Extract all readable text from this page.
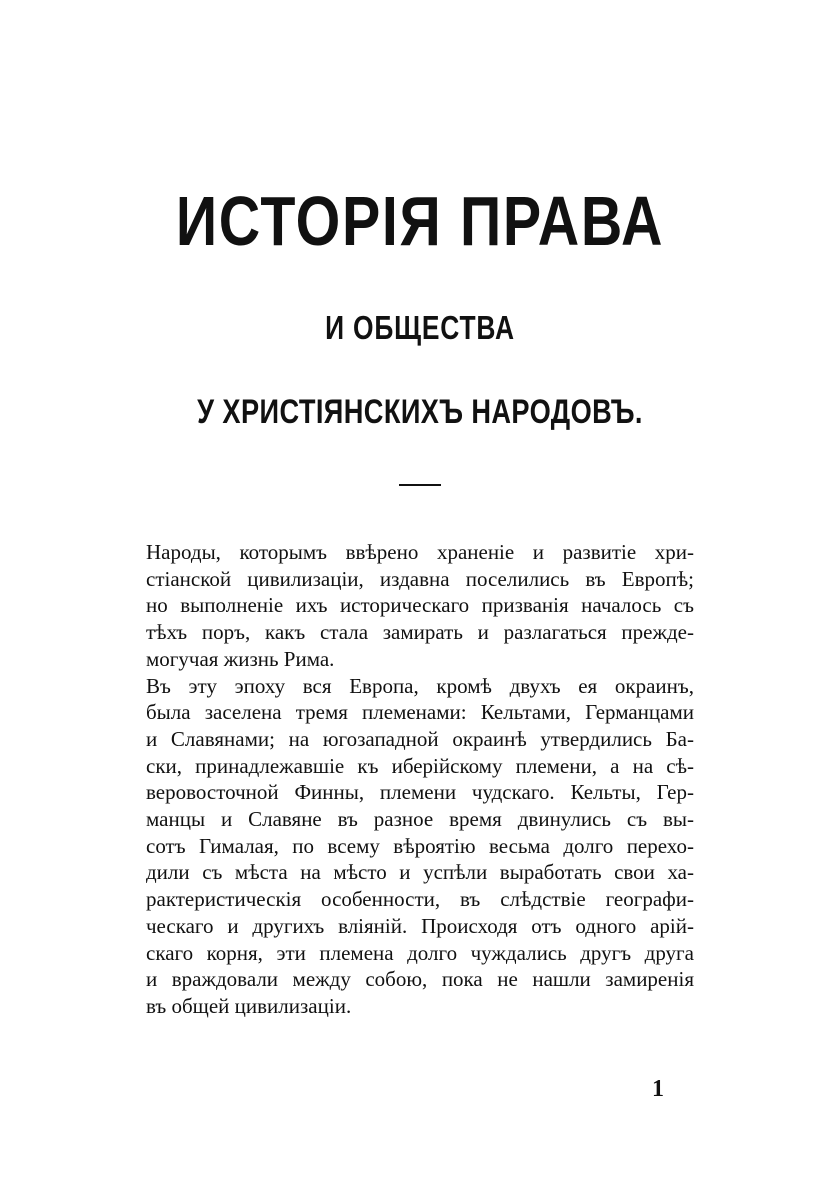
ИСТОРІЯ ПРАВА
И ОБЩЕСТВА
У ХРИСТІЯНСКИХЪ НАРОДОВЪ.

Народы, которымъ ввѣрено храненіе и развитіе хри-
стіанской цивилизаціи, издавна поселились въ Европѣ;
но выполненіе ихъ историческаго призванія началось съ
тѣхъ поръ, какъ стала замирать и разлагаться прежде-
могучая жизнь Рима.

Въ эту эпоху вся Европа, кромѣ двухъ ея окраинъ,
была заселена тремя племенами: Кельтами, Германцами
и Славянами; на югозападной окраинѣ утвердились Ба-
ски, принадлежавшіе къ иберійскому племени, а на сѣ-
веровосточной Финны, племени чудскаго. Кельты, Гер-
манцы и Славяне въ разное время двинулись съ вы-
сотъ Гималая, по всему вѣроятію весьма долго перехо-
дили съ мѣста на мѣсто и успѣли выработать свои ха-
рактеристическія особенности, въ слѣдствіе географи-
ческаго и другихъ вліяній. Происходя отъ одного арій-
скаго корня, эти племена долго чуждались другъ друга
и враждовали между собою, пока не нашли замиренія
въ общей цивилизаціи.

1
